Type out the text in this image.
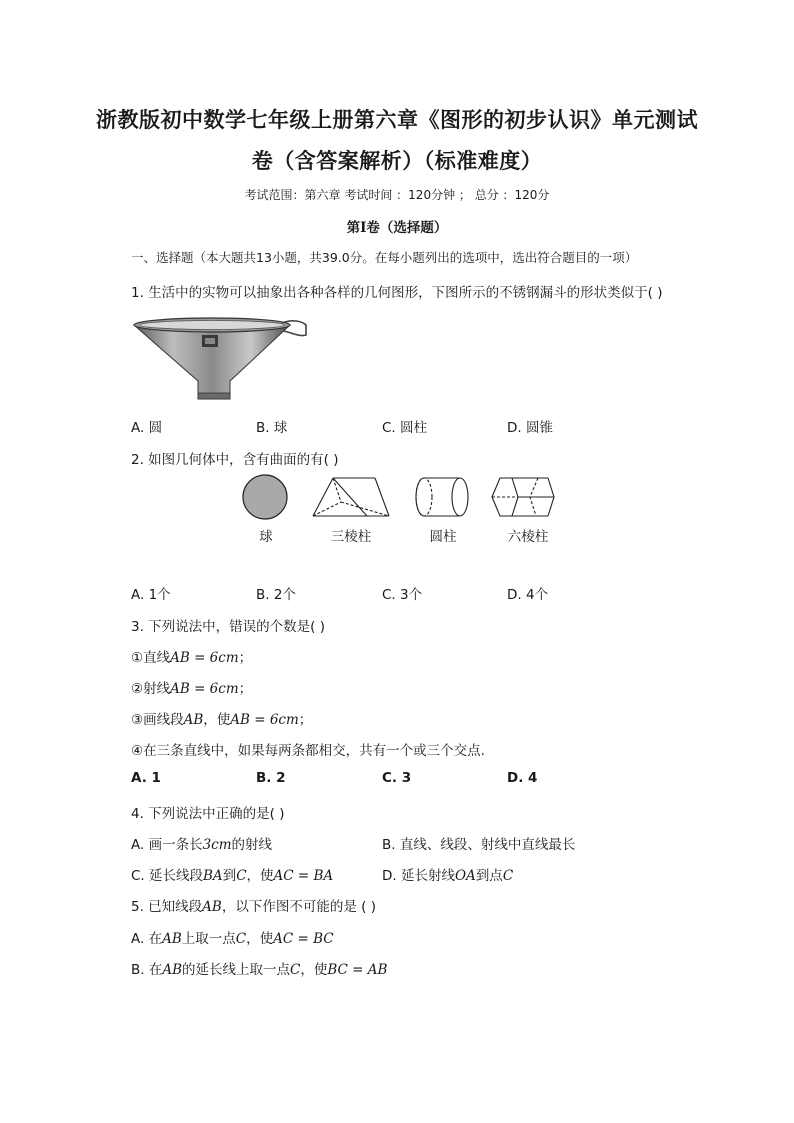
浙教版初中数学七年级上册第六章《图形的初步认识》单元测试
卷（含答案解析）（标准难度）
考试范围：第六章 考试时间 ：120分钟 ； 总分 ：120分
第Ⅰ卷（选择题）
一、选择题（本大题共13小题，共39.0分。在每小题列出的选项中，选出符合题目的一项）
1. 生活中的实物可以抽象出各种各样的几何图形，下图所示的不锈钢漏斗的形状类似于( )
A. 圆	B. 球	C. 圆柱	D. 圆锥
2. 如图几何体中，含有曲面的有( )
球	三棱柱	圆柱	六棱柱
A. 1个	B. 2个	C. 3个	D. 4个
3. 下列说法中，错误的个数是( )
①直线AB = 6cm；
②射线AB = 6cm；
③画线段AB，使AB = 6cm；
④在三条直线中，如果每两条都相交，共有一个或三个交点.
A. 1	B. 2	C. 3	D. 4
4. 下列说法中正确的是( )
A. 画一条长3cm的射线	B. 直线、线段、射线中直线最长
C. 延长线段BA到C，使AC = BA	D. 延长射线OA到点C
5. 已知线段AB，以下作图不可能的是 ( )
A. 在AB上取一点C，使AC = BC
B. 在AB的延长线上取一点C，使BC = AB
